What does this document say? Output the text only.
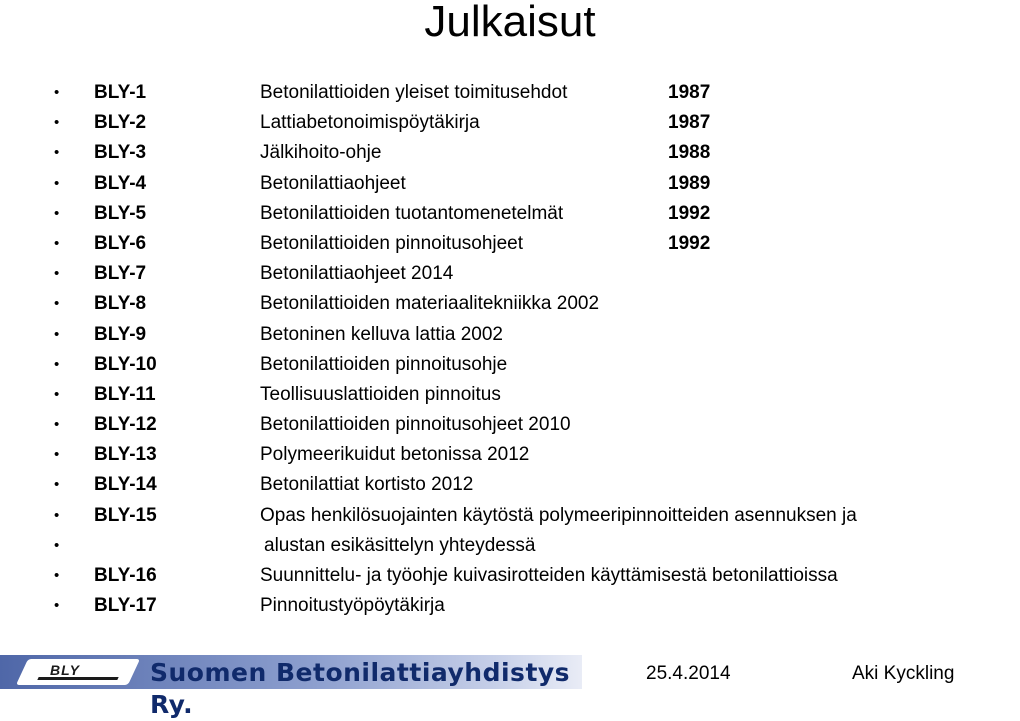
Julkaisut
• BLY-1	Betonilattioiden yleiset toimitusehdot	1987
• BLY-2	Lattiabetonoimispöytäkirja	1987
• BLY-3	Jälkihoito-ohje	1988
• BLY-4	Betonilattiaohjeet	1989
• BLY-5	Betonilattioiden tuotantomenetelmät	1992
• BLY-6	Betonilattioiden pinnoitusohjeet	1992
• BLY-7	Betonilattiaohjeet 2014
• BLY-8	Betonilattioiden materiaalitekniikka 2002
• BLY-9	Betoninen kelluva lattia 2002
• BLY-10	Betonilattioiden pinnoitusohje
• BLY-11	Teollisuuslattioiden pinnoitus
• BLY-12	Betonilattioiden pinnoitusohjeet 2010
• BLY-13	Polymeerikuidut betonissa 2012
• BLY-14	Betonilattiat kortisto 2012
• BLY-15	Opas henkilösuojainten käytöstä polymeeripinnoitteiden asennuksen ja
•	alustan esikäsittelyn yhteydessä
• BLY-16	Suunnittelu- ja työohje kuivasirotteiden käyttämisestä betonilattioissa
• BLY-17	Pinnoitustyöpöytäkirja
BLY	Suomen Betonilattiayhdistys Ry.
25.4.2014	Aki Kyckling
